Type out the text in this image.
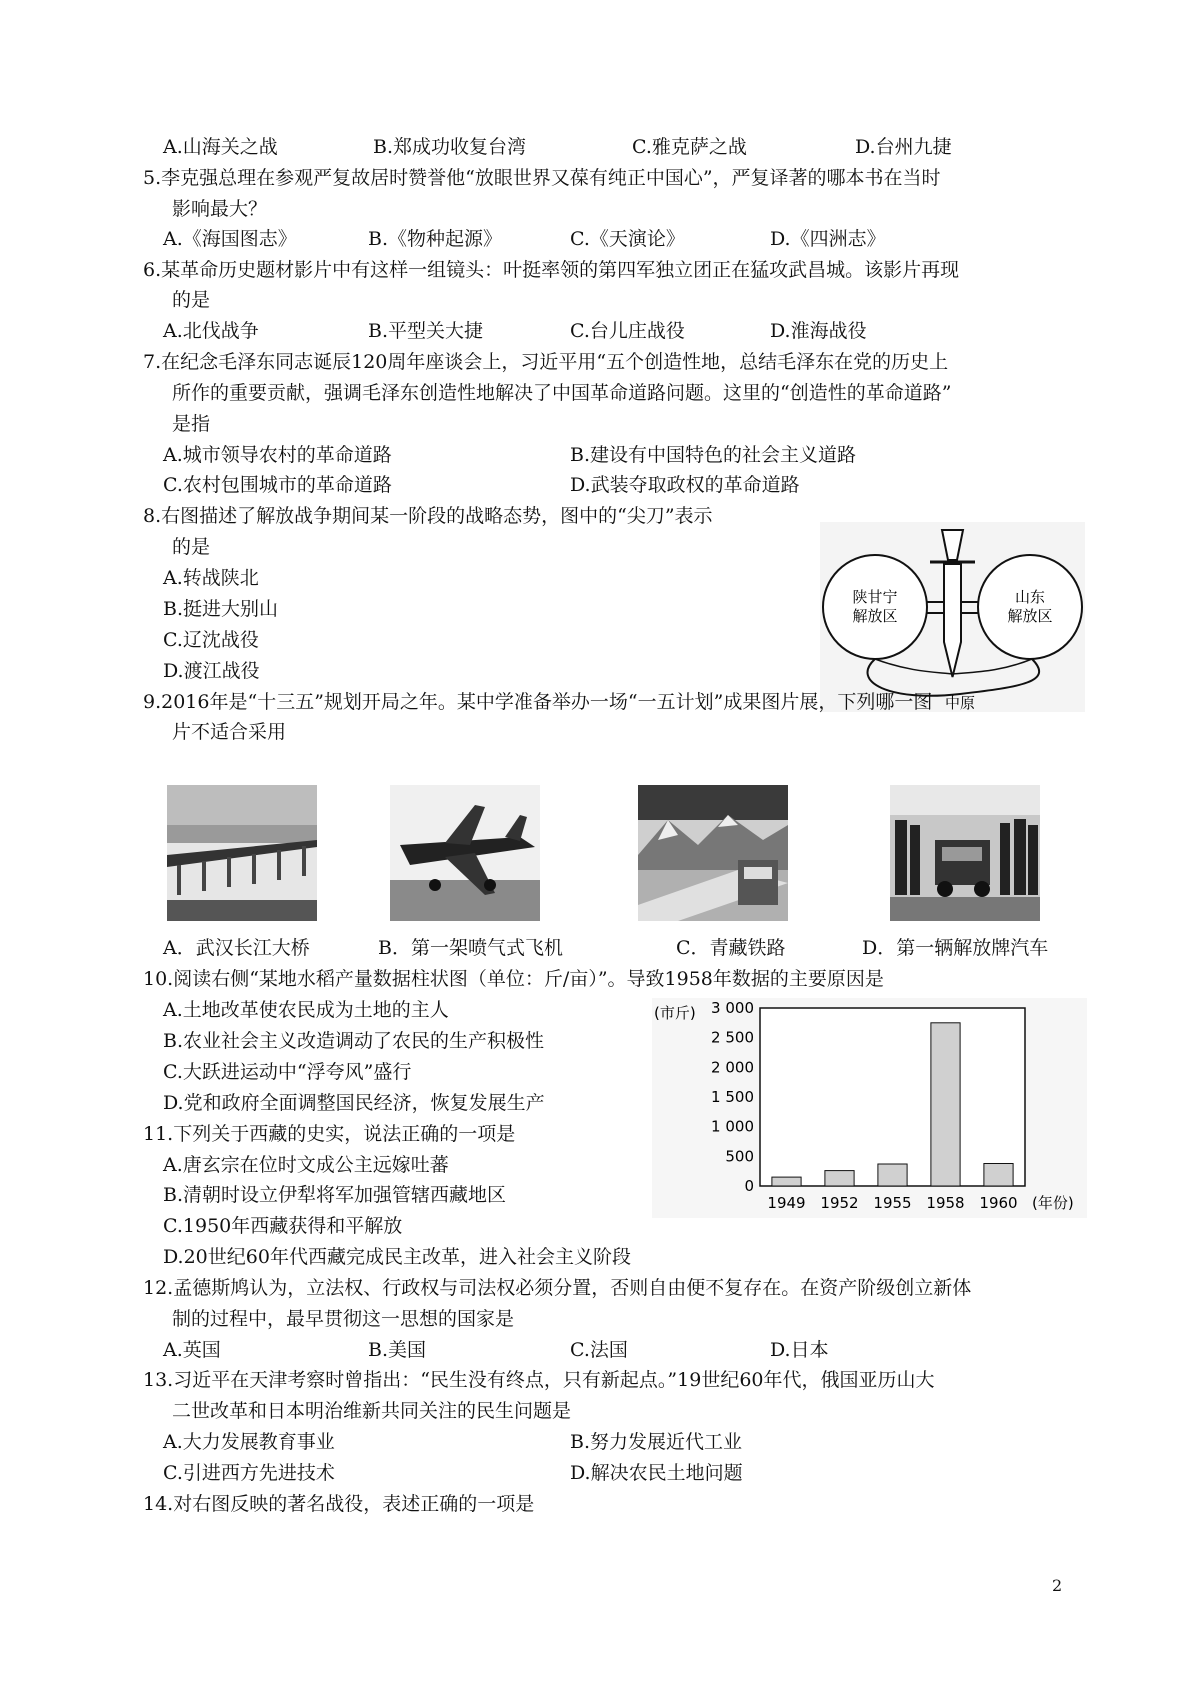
A.山海关之战	B.郑成功收复台湾	C.雅克萨之战	D.台州九捷
5.李克强总理在参观严复故居时赞誉他“放眼世界又葆有纯正中国心”，严复译著的哪本书在当时
影响最大？
A.《海国图志》	B.《物种起源》	C.《天演论》	D.《四洲志》
6.某革命历史题材影片中有这样一组镜头：叶挺率领的第四军独立团正在猛攻武昌城。该影片再现
的是
A.北伐战争	B.平型关大捷	C.台儿庄战役	D.淮海战役
7.在纪念毛泽东同志诞辰120周年座谈会上，习近平用“五个创造性地，总结毛泽东在党的历史上
所作的重要贡献，强调毛泽东创造性地解决了中国革命道路问题。这里的“创造性的革命道路”
是指
A.城市领导农村的革命道路	B.建设有中国特色的社会主义道路
C.农村包围城市的革命道路	D.武装夺取政权的革命道路
8.右图描述了解放战争期间某一阶段的战略态势，图中的“尖刀”表示
的是
A.转战陕北
B.挺进大别山
C.辽沈战役
D.渡江战役
陕甘宁
解放区
山东
解放区
中原
9.2016年是“十三五”规划开局之年。某中学准备举办一场“一五计划”成果图片展，下列哪一图
片不适合采用
A．武汉长江大桥	B．第一架喷气式飞机	C．青藏铁路	D．第一辆解放牌汽车
10.阅读右侧“某地水稻产量数据柱状图（单位：斤/亩）”。导致1958年数据的主要原因是
A.土地改革使农民成为土地的主人
B.农业社会主义改造调动了农民的生产积极性
C.大跃进运动中“浮夸风”盛行
D.党和政府全面调整国民经济，恢复发展生产
(市斤)
(年份)
3 000
2 500
2 000
1 500
1 000
500
0
1949 1952 1955 1958 1960
11.下列关于西藏的史实，说法正确的一项是
A.唐玄宗在位时文成公主远嫁吐蕃
B.清朝时设立伊犁将军加强管辖西藏地区
C.1950年西藏获得和平解放
D.20世纪60年代西藏完成民主改革，进入社会主义阶段
12.孟德斯鸠认为，立法权、行政权与司法权必须分置，否则自由便不复存在。在资产阶级创立新体
制的过程中，最早贯彻这一思想的国家是
A.英国	B.美国	C.法国	D.日本
13.习近平在天津考察时曾指出：“民生没有终点，只有新起点。”19世纪60年代，俄国亚历山大
二世改革和日本明治维新共同关注的民生问题是
A.大力发展教育事业	B.努力发展近代工业
C.引进西方先进技术	D.解决农民土地问题
14.对右图反映的著名战役，表述正确的一项是
2
